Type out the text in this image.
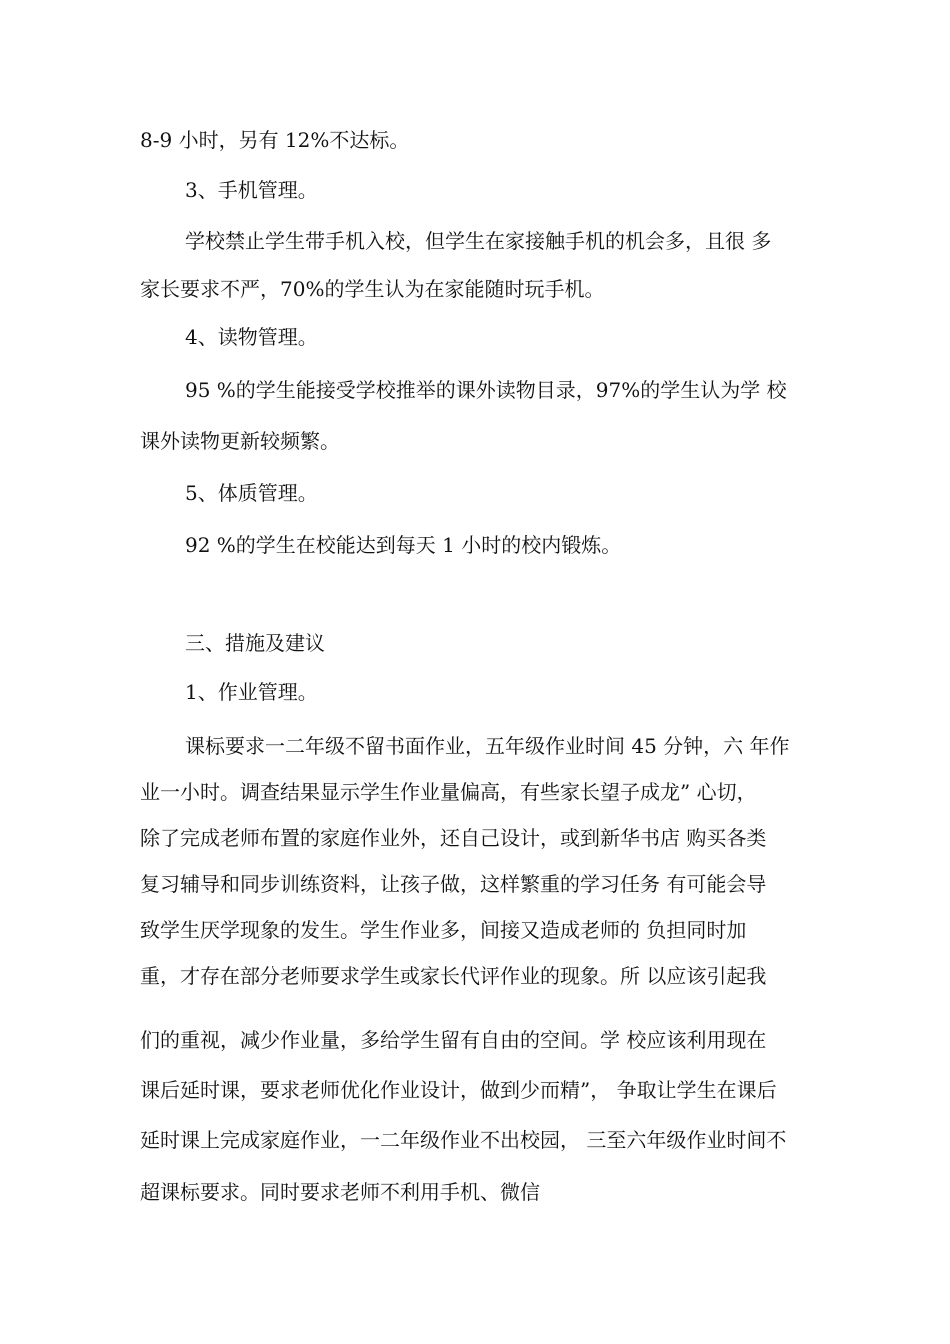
8-9 小时，另有 12%不达标。
3、手机管理。
学校禁止学生带手机入校，但学生在家接触手机的机会多，且很 多
家长要求不严，70%的学生认为在家能随时玩手机。
4、读物管理。
95 %的学生能接受学校推举的课外读物目录，97%的学生认为学 校
课外读物更新较频繁。
5、体质管理。
92 %的学生在校能达到每天 1 小时的校内锻炼。
三、措施及建议
1、作业管理。
课标要求一二年级不留书面作业，五年级作业时间 45 分钟，六 年作
业一小时。调查结果显示学生作业量偏高，有些家长望子成龙” 心切，
除了完成老师布置的家庭作业外，还自己设计，或到新华书店 购买各类
复习辅导和同步训练资料，让孩子做，这样繁重的学习任务 有可能会导
致学生厌学现象的发生。学生作业多，间接又造成老师的 负担同时加
重，才存在部分老师要求学生或家长代评作业的现象。所 以应该引起我
们的重视，减少作业量，多给学生留有自由的空间。学 校应该利用现在
课后延时课，要求老师优化作业设计，做到少而精”， 争取让学生在课后
延时课上完成家庭作业，一二年级作业不出校园， 三至六年级作业时间不
超课标要求。同时要求老师不利用手机、微信
